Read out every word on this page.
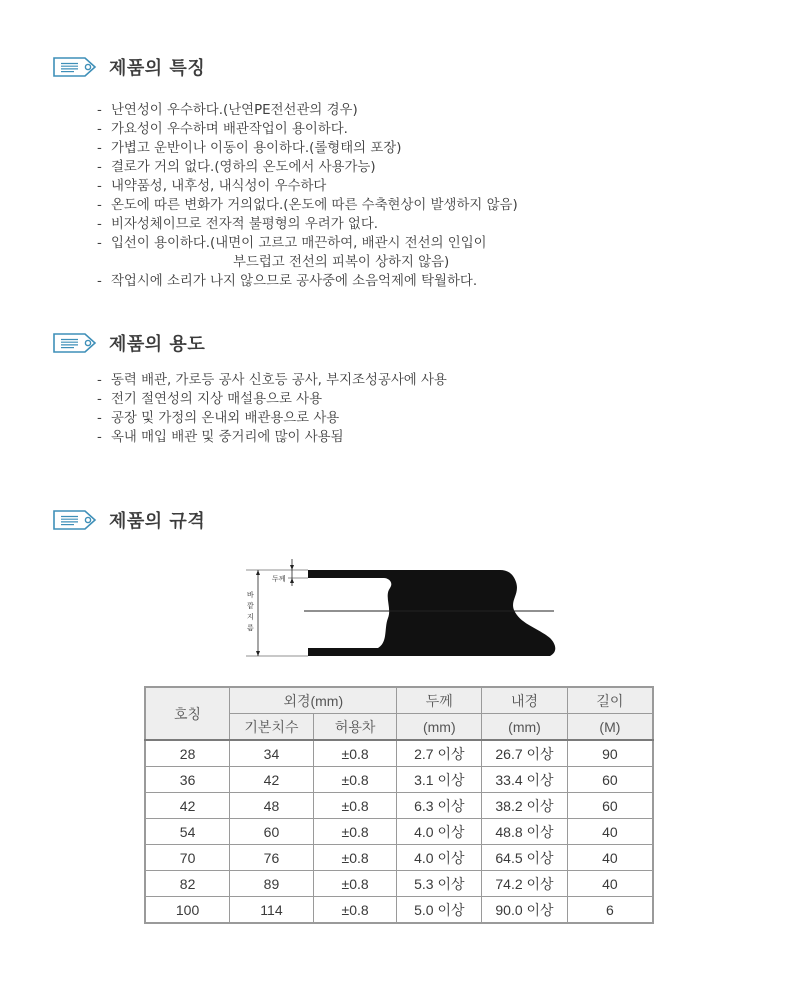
제품의 특징
- 난연성이 우수하다.(난연PE전선관의 경우)
- 가요성이 우수하며 배관작업이 용이하다.
- 가볍고 운반이나 이동이 용이하다.(롤형태의 포장)
- 결로가 거의 없다.(영하의 온도에서 사용가능)
- 내약품성, 내후성, 내식성이 우수하다
- 온도에 따른 변화가 거의없다.(온도에 따른 수축현상이 발생하지 않음)
- 비자성체이므로 전자적 불평형의 우려가 없다.
- 입선이 용이하다.(내면이 고르고 매끈하여, 배관시 전선의 인입이
부드럽고 전선의 피복이 상하지 않음)
- 작업시에 소리가 나지 않으므로 공사중에 소음억제에 탁월하다.
제품의 용도
- 동력 배관, 가로등 공사 신호등 공사, 부지조성공사에 사용
- 전기 절연성의 지상 매설용으로 사용
- 공장 및 가정의 온내외 배관용으로 사용
- 옥내 매입 배관 및 중거리에 많이 사용됨
제품의 규격
두께
바
깥
지
름
호칭	외경(mm)		두께	내경	길이
	기본치수	허용차	(mm)	(mm)	(M)
28	34	±0.8	2.7 이상	26.7 이상	90
36	42	±0.8	3.1 이상	33.4 이상	60
42	48	±0.8	6.3 이상	38.2 이상	60
54	60	±0.8	4.0 이상	48.8 이상	40
70	76	±0.8	4.0 이상	64.5 이상	40
82	89	±0.8	5.3 이상	74.2 이상	40
100	114	±0.8	5.0 이상	90.0 이상	6
